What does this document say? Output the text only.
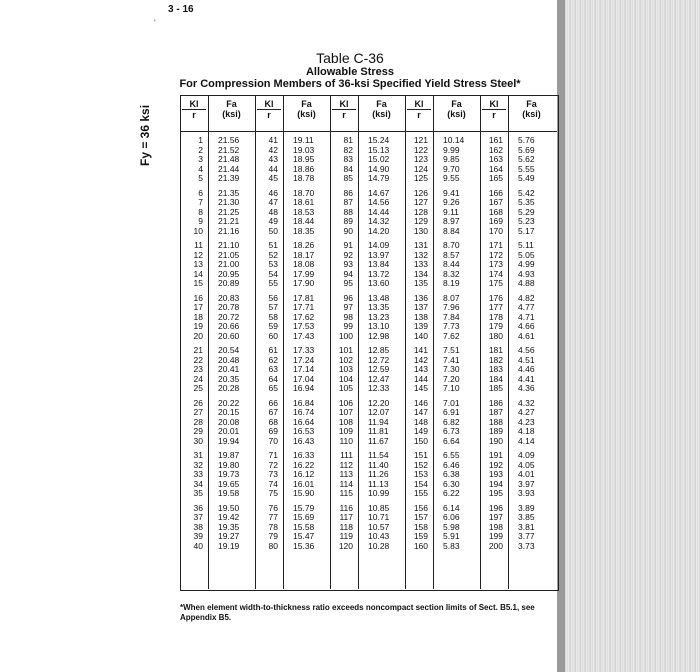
3 - 16
'
Table C-36
Allowable Stress
For Compression Members of 36-ksi Specified Yield Stress Steel*
Fy = 36 ksi
Kl
r
Fa
(ksi)
1 21.56
2 21.52
3 21.48
4 21.44
5 21.39
6 21.35
7 21.30
8 21.25
9 21.21
10 21.16
11 21.10
12 21.05
13 21.00
14 20.95
15 20.89
16 20.83
17 20.78
18 20.72
19 20.66
20 20.60
21 20.54
22 20.48
23 20.41
24 20.35
25 20.28
26 20.22
27 20.15
28 20.08
29 20.01
30 19.94
31 19.87
32 19.80
33 19.73
34 19.65
35 19.58
36 19.50
37 19.42
38 19.35
39 19.27
40 19.19
Kl
r
Fa
(ksi)
41 19.11
42 19.03
43 18.95
44 18.86
45 18.78
46 18.70
47 18.61
48 18.53
49 18.44
50 18.35
51 18.26
52 18.17
53 18.08
54 17.99
55 17.90
56 17.81
57 17.71
58 17.62
59 17.53
60 17.43
61 17.33
62 17.24
63 17.14
64 17.04
65 16.94
66 16.84
67 16.74
68 16.64
69 16.53
70 16.43
71 16.33
72 16.22
73 16.12
74 16.01
75 15.90
76 15.79
77 15.69
78 15.58
79 15.47
80 15.36
Kl
r
Fa
(ksi)
81 15.24
82 15.13
83 15.02
84 14.90
85 14.79
86 14.67
87 14.56
88 14.44
89 14.32
90 14.20
91 14.09
92 13.97
93 13.84
94 13.72
95 13.60
96 13.48
97 13.35
98 13.23
99 13.10
100 12.98
101 12.85
102 12.72
103 12.59
104 12.47
105 12.33
106 12.20
107 12.07
108 11.94
109 11.81
110 11.67
111 11.54
112 11.40
113 11.26
114 11.13
115 10.99
116 10.85
117 10.71
118 10.57
119 10.43
120 10.28
Kl
r
Fa
(ksi)
121 10.14
122 9.99
123 9.85
124 9.70
125 9.55
126 9.41
127 9.26
128 9.11
129 8.97
130 8.84
131 8.70
132 8.57
133 8.44
134 8.32
135 8.19
136 8.07
137 7.96
138 7.84
139 7.73
140 7.62
141 7.51
142 7.41
143 7.30
144 7.20
145 7.10
146 7.01
147 6.91
148 6.82
149 6.73
150 6.64
151 6.55
152 6.46
153 6.38
154 6.30
155 6.22
156 6.14
157 6.06
158 5.98
159 5.91
160 5.83
Kl
r
Fa
(ksi)
161 5.76
162 5.69
163 5.62
164 5.55
165 5.49
166 5.42
167 5.35
168 5.29
169 5.23
170 5.17
171 5.11
172 5.05
173 4.99
174 4.93
175 4.88
176 4.82
177 4.77
178 4.71
179 4.66
180 4.61
181 4.56
182 4.51
183 4.46
184 4.41
185 4.36
186 4.32
187 4.27
188 4.23
189 4.18
190 4.14
191 4.09
192 4.05
193 4.01
194 3.97
195 3.93
196 3.89
197 3.85
198 3.81
199 3.77
200 3.73
*When element width-to-thickness ratio exceeds noncompact section limits of Sect. B5.1, see Appendix B5.
